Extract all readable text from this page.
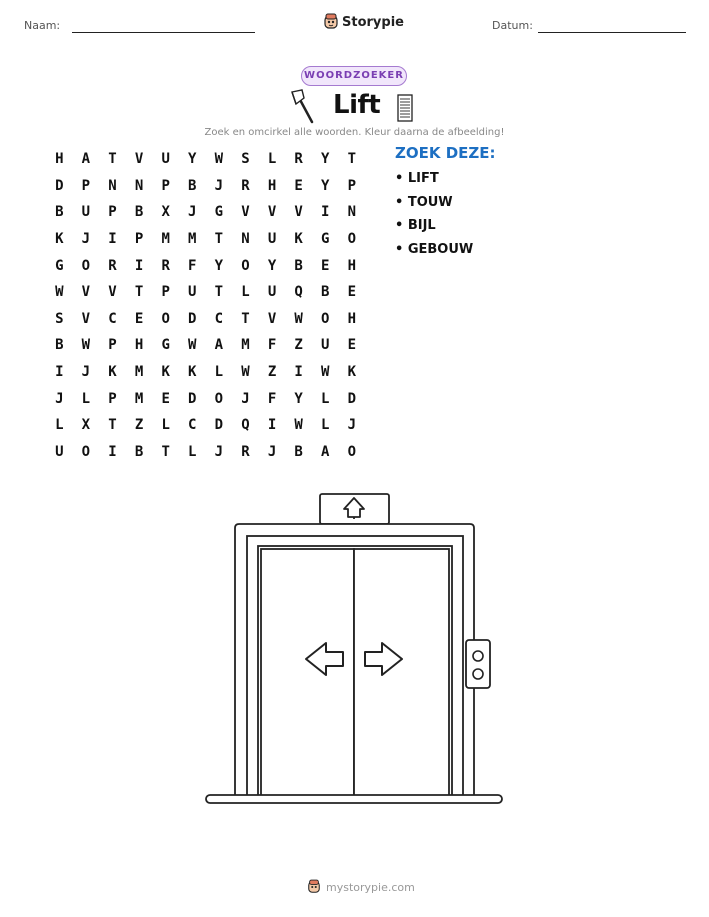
Naam:	Storypie	Datum:
WOORDZOEKER
Lift
Zoek en omcirkel alle woorden. Kleur daarna de afbeelding!
H	A	T	V	U	Y	W	S	L	R	Y	T
D	P	N	N	P	B	J	R	H	E	Y	P
B	U	P	B	X	J	G	V	V	V	I	N
K	J	I	P	M	M	T	N	U	K	G	O
G	O	R	I	R	F	Y	O	Y	B	E	H
W	V	V	T	P	U	T	L	U	Q	B	E
S	V	C	E	O	D	C	T	V	W	O	H
B	W	P	H	G	W	A	M	F	Z	U	E
I	J	K	M	K	K	L	W	Z	I	W	K
J	L	P	M	E	D	O	J	F	Y	L	D
L	X	T	Z	L	C	D	Q	I	W	L	J
U	O	I	B	T	L	J	R	J	B	A	O
ZOEK DEZE:
• LIFT
• TOUW
• BIJL
• GEBOUW
mystorypie.com
